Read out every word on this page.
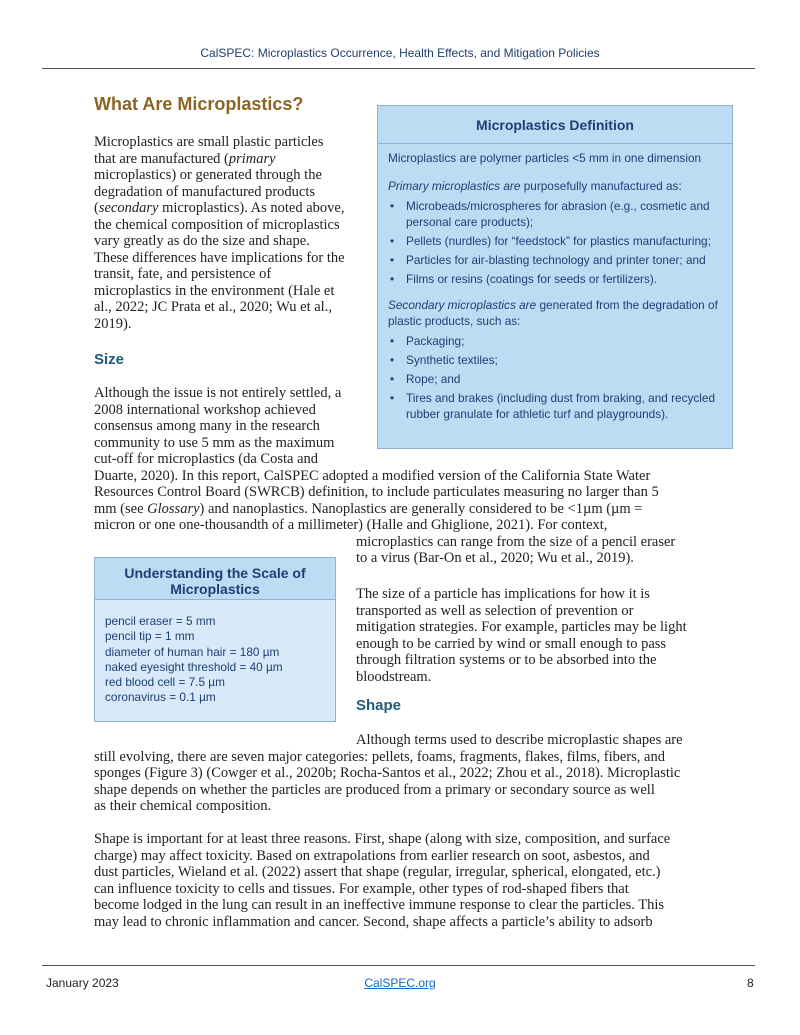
CalSPEC: Microplastics Occurrence, Health Effects, and Mitigation Policies
What Are Microplastics?
Microplastics are small plastic particles
that are manufactured (primary
microplastics) or generated through the
degradation of manufactured products
(secondary microplastics). As noted above,
the chemical composition of microplastics
vary greatly as do the size and shape.
These differences have implications for the
transit, fate, and persistence of
microplastics in the environment (Hale et
al., 2022; JC Prata et al., 2020; Wu et al.,
2019).
Size
Although the issue is not entirely settled, a
2008 international workshop achieved
consensus among many in the research
community to use 5 mm as the maximum
cut-off for microplastics (da Costa and
Duarte, 2020). In this report, CalSPEC adopted a modified version of the California State Water
Resources Control Board (SWRCB) definition, to include particulates measuring no larger than 5
mm (see Glossary) and nanoplastics. Nanoplastics are generally considered to be <1µm (µm =
micron or one one-thousandth of a millimeter) (Halle and Ghiglione, 2021). For context,
microplastics can range from the size of a pencil eraser
to a virus (Bar-On et al., 2020; Wu et al., 2019).
The size of a particle has implications for how it is
transported as well as selection of prevention or
mitigation strategies. For example, particles may be light
enough to be carried by wind or small enough to pass
through filtration systems or to be absorbed into the
bloodstream.
Shape
Although terms used to describe microplastic shapes are
still evolving, there are seven major categories: pellets, foams, fragments, flakes, films, fibers, and
sponges (Figure 3) (Cowger et al., 2020b; Rocha-Santos et al., 2022; Zhou et al., 2018). Microplastic
shape depends on whether the particles are produced from a primary or secondary source as well
as their chemical composition.
Shape is important for at least three reasons. First, shape (along with size, composition, and surface
charge) may affect toxicity. Based on extrapolations from earlier research on soot, asbestos, and
dust particles, Wieland et al. (2022) assert that shape (regular, irregular, spherical, elongated, etc.)
can influence toxicity to cells and tissues. For example, other types of rod-shaped fibers that
become lodged in the lung can result in an ineffective immune response to clear the particles. This
may lead to chronic inflammation and cancer. Second, shape affects a particle’s ability to adsorb
Microplastics Definition

Microplastics are polymer particles <5 mm in one dimension

Primary microplastics are purposefully manufactured as:

• Microbeads/microspheres for abrasion (e.g., cosmetic and personal care products);
• Pellets (nurdles) for “feedstock” for plastics manufacturing;
• Particles for air-blasting technology and printer toner; and
• Films or resins (coatings for seeds or fertilizers).

Secondary microplastics are generated from the degradation of plastic products, such as:

• Packaging;
• Synthetic textiles;
• Rope; and
• Tires and brakes (including dust from braking, and recycled rubber granulate for athletic turf and playgrounds).
Understanding the Scale of Microplastics
pencil eraser = 5 mm
pencil tip = 1 mm
diameter of human hair = 180 µm
naked eyesight threshold = 40 µm
red blood cell = 7.5 µm
coronavirus = 0.1 µm
January 2023	CalSPEC.org	8
